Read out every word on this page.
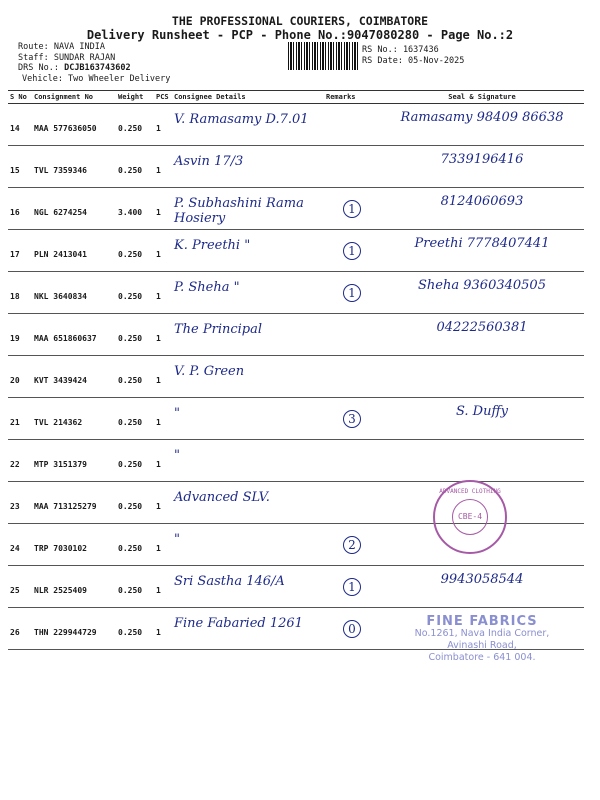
THE PROFESSIONAL COURIERS, COIMBATORE
Delivery Runsheet - PCP - Phone No.:9047080280 - Page No.:2
Route: NAVA INDIA
Staff: SUNDAR RAJAN
DRS No.: DCJB163743602
Vehicle: Two Wheeler Delivery
RS No.: 1637436
RS Date: 05-Nov-2025
S No	Consignment No	Weight	PCS	Consignee Details	Remarks	Seal & Signature
14	MAA 577636050	0.250	1	V. Ramasamy D.7.01		Ramasamy 98409 86638
15	TVL 7359346	0.250	1	Asvin 17/3		7339196416
16	NGL 6274254	3.400	1	P. Subhashini Rama Hosiery	1	8124060693
17	PLN 2413041	0.250	1	K. Preethi "	1	Preethi 7778407441
18	NKL 3640834	0.250	1	P. Sheha "	1	Sheha 9360340505
19	MAA 651860637	0.250	1	The Principal		04222560381
20	KVT 3439424	0.250	1	V. P. Green		
21	TVL 214362	0.250	1	"	3	S. Duffy
22	MTP 3151379	0.250	1	"		
23	MAA 713125279	0.250	1	Advanced SLV.		
24	TRP 7030102	0.250	1	"	2	
25	NLR 2525409	0.250	1	Sri Sastha 146/A	1	9943058544
26	THN 229944729	0.250	1	Fine Fabaried 1261	0	
ADVANCED CLOTHING
CBE-4
FINE FABRICS
No.1261, Nava India Corner,
Avinashi Road,
Coimbatore - 641 004.
